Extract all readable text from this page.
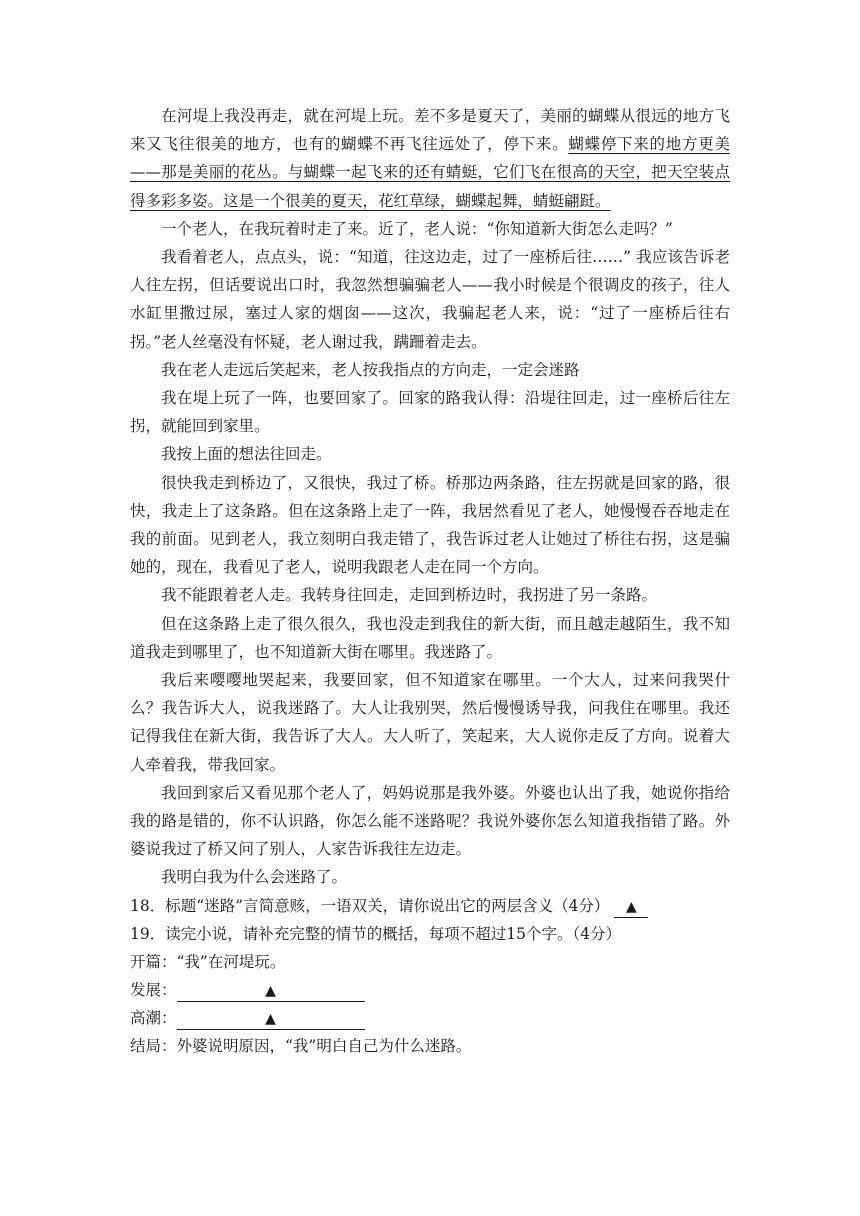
在河堤上我没再走，就在河堤上玩。差不多是夏天了，美丽的蝴蝶从很远的地方飞来又飞往很美的地方，也有的蝴蝶不再飞往远处了，停下来。蝴蝶停下来的地方更美——那是美丽的花丛。与蝴蝶一起飞来的还有蜻蜓，它们飞在很高的天空，把天空装点得多彩多姿。这是一个很美的夏天，花红草绿，蝴蝶起舞，蜻蜓翩跹。

一个老人，在我玩着时走了来。近了，老人说：“你知道新大街怎么走吗？”

我看着老人，点点头，说：“知道，往这边走，过了一座桥后往……” 我应该告诉老人往左拐，但话要说出口时，我忽然想骗骗老人——我小时候是个很调皮的孩子，往人水缸里撒过尿，塞过人家的烟囱——这次，我骗起老人来，说：“过了一座桥后往右拐。”老人丝毫没有怀疑，老人谢过我，蹒跚着走去。

我在老人走远后笑起来，老人按我指点的方向走，一定会迷路

我在堤上玩了一阵，也要回家了。回家的路我认得：沿堤往回走，过一座桥后往左拐，就能回到家里。

我按上面的想法往回走。

很快我走到桥边了，又很快，我过了桥。桥那边两条路，往左拐就是回家的路，很快，我走上了这条路。但在这条路上走了一阵，我居然看见了老人，她慢慢吞吞地走在我的前面。见到老人，我立刻明白我走错了，我告诉过老人让她过了桥往右拐，这是骗她的，现在，我看见了老人，说明我跟老人走在同一个方向。

我不能跟着老人走。我转身往回走，走回到桥边时，我拐进了另一条路。

但在这条路上走了很久很久，我也没走到我住的新大街，而且越走越陌生，我不知道我走到哪里了，也不知道新大街在哪里。我迷路了。

我后来嘤嘤地哭起来，我要回家，但不知道家在哪里。一个大人，过来问我哭什么？我告诉大人，说我迷路了。大人让我别哭，然后慢慢诱导我，问我住在哪里。我还记得我住在新大街，我告诉了大人。大人听了，笑起来，大人说你走反了方向。说着大人牵着我，带我回家。

我回到家后又看见那个老人了，妈妈说那是我外婆。外婆也认出了我，她说你指给我的路是错的，你不认识路，你怎么能不迷路呢？我说外婆你怎么知道我指错了路。外婆说我过了桥又问了别人，人家告诉我往左边走。

我明白我为什么会迷路了。

18．标题“迷路”言简意赅，一语双关，请你说出它的两层含义（4分） ▲

19．读完小说，请补充完整的情节的概括，每项不超过15个字。（4分）

开篇：“我”在河堤玩。

发展：	▲

高潮：	▲

结局：外婆说明原因，“我”明白自己为什么迷路。
